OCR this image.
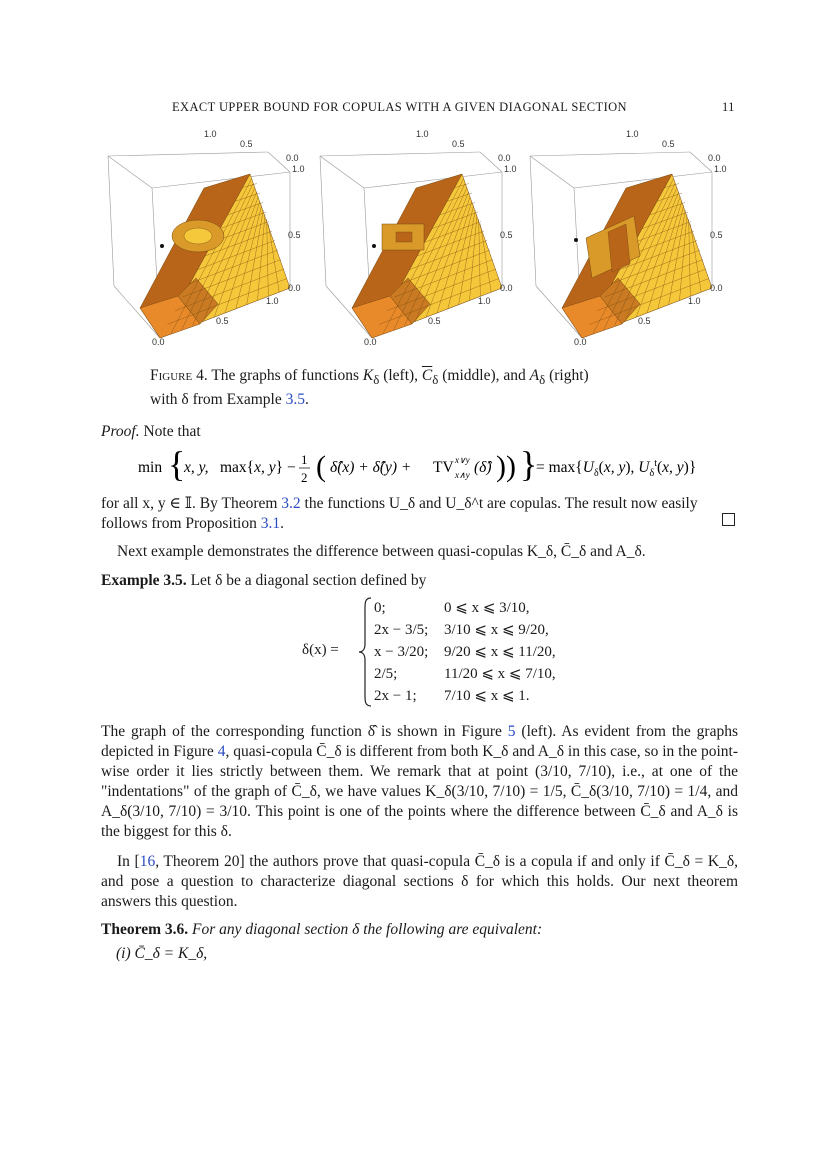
EXACT UPPER BOUND FOR COPULAS WITH A GIVEN DIAGONAL SECTION	11
1.0
0.5
0.0
1.0
0.5
0.0
1.0
0.5
0.0
1.0
0.5
0.0
1.0
0.5
0.0
1.0
0.5
0.0
1.0
0.5
0.0
1.0
0.5
0.0
1.0
0.5
0.0
Figure 4. The graphs of functions $K_\delta$ (left), $\overline{C}_\delta$ (middle), and $A_\delta$ (right)
with δ from Example 3.5.
Proof. Note that
min {
x, y, max{x, y} − 1
2 ( δ̂(x) + δ̂(y) + TV x∨y
x∧y (δ̂) )) }
= $\max\{U_\delta(x$, y), $U_\delta^t(x$, y)}
for all x, y ∈ 𝕀. By Theorem 3.2 the functions U_δ and U_δ^t are copulas. The result now easily
follows from Proposition 3.1.
Next example demonstrates the difference between quasi-copulas K_δ, C̄_δ and A_δ.
Example 3.5. Let δ be a diagonal section defined by
δ(x) =
0;	0 ⩽ x ⩽ 3/10,
2x − 3/5; 3/10 ⩽ x ⩽ 9/20,
x − 3/20; 9/20 ⩽ x ⩽ 11/20,
2/5;	11/20 ⩽ x ⩽ 7/10,
2x − 1; 7/10 ⩽ x ⩽ 1.
The graph of the corresponding function δ̂ is shown in Figure 5 (left). As evident from the graphs depicted in Figure 4, quasi-copula C̄_δ is different from both K_δ and A_δ in this case, so in the point-wise order it lies strictly between them. We remark that at point (3/10, 7/10), i.e., at one of the "indentations" of the graph of C̄_δ, we have values K_δ(3/10, 7/10) = 1/5, C̄_δ(3/10, 7/10) = 1/4, and A_δ(3/10, 7/10) = 3/10. This point is one of the points where the difference between C̄_δ and A_δ is the biggest for this δ.
In [16, Theorem 20] the authors prove that quasi-copula C̄_δ is a copula if and only if C̄_δ = K_δ, and pose a question to characterize diagonal sections δ for which this holds. Our next theorem answers this question.
Theorem 3.6. For any diagonal section δ the following are equivalent:
(i) C̄_δ = K_δ,
